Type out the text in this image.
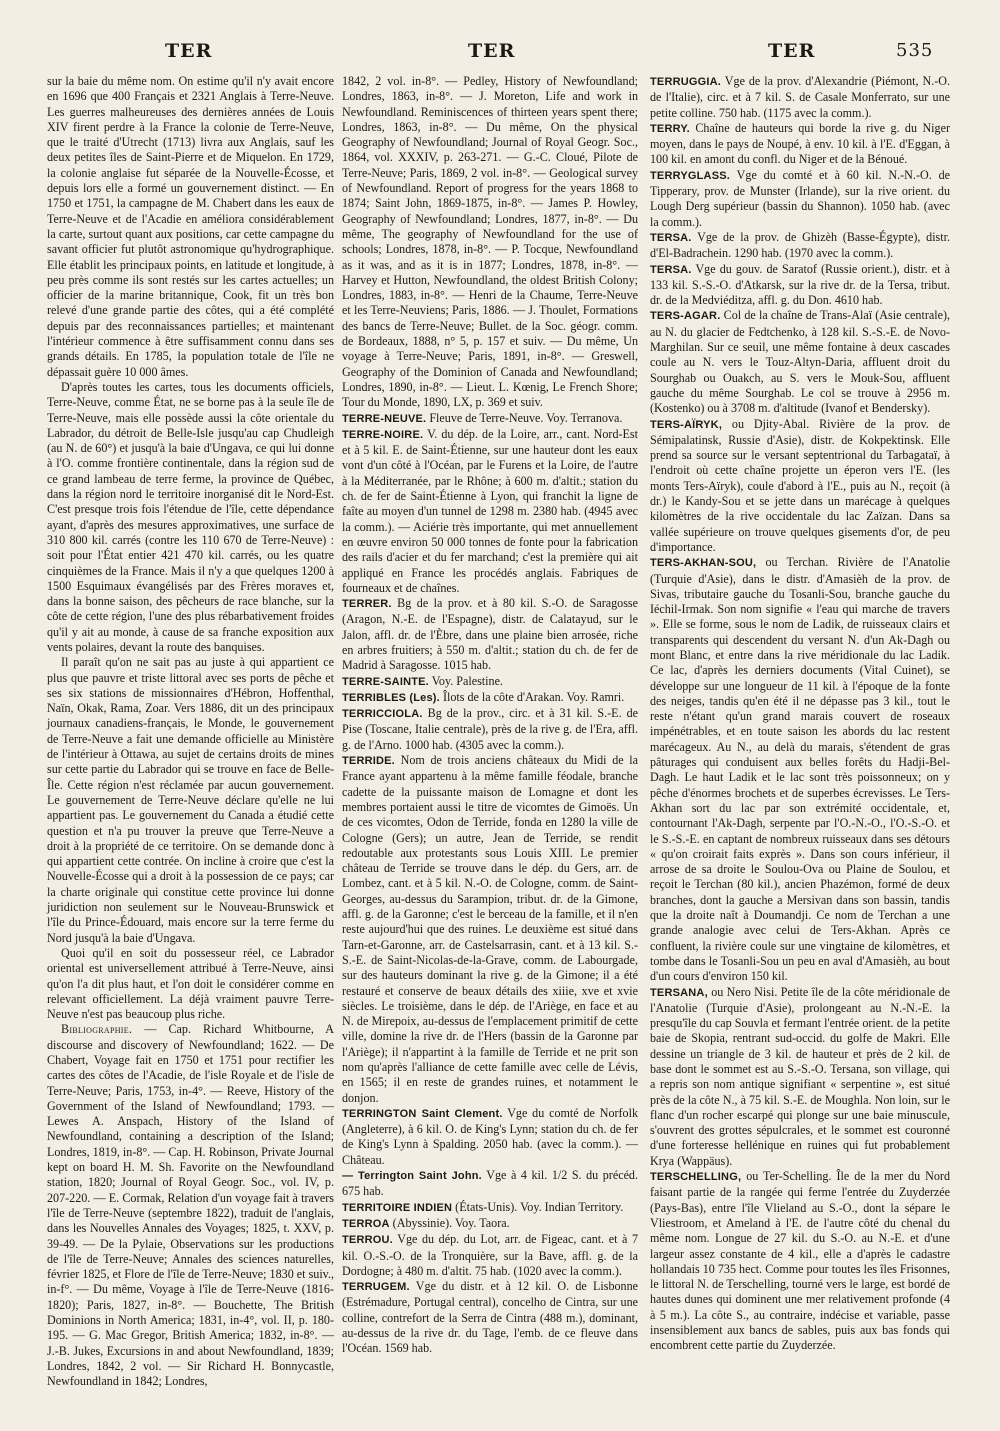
TER	TER	TER	535

sur la baie du même nom. On estime qu'il n'y avait encore en 1696 que 400 Français et 2321 Anglais à Terre-Neuve. Les guerres malheureuses des dernières années de Louis XIV firent perdre à la France la colonie de Terre-Neuve, que le traité d'Utrecht (1713) livra aux Anglais, sauf les deux petites îles de Saint-Pierre et de Miquelon. En 1729, la colonie anglaise fut séparée de la Nouvelle-Écosse, et depuis lors elle a formé un gouvernement distinct. — En 1750 et 1751, la campagne de M. Chabert dans les eaux de Terre-Neuve et de l'Acadie en améliora considérablement la carte, surtout quant aux positions, car cette campagne du savant officier fut plutôt astronomique qu'hydrographique. Elle établit les principaux points, en latitude et longitude, à peu près comme ils sont restés sur les cartes actuelles; un officier de la marine britannique, Cook, fit un très bon relevé d'une grande partie des côtes, qui a été complété depuis par des reconnaissances partielles; et maintenant l'intérieur commence à être suffisamment connu dans ses grands détails. En 1785, la population totale de l'île ne dépassait guère 10 000 âmes.

D'après toutes les cartes, tous les documents officiels, Terre-Neuve, comme État, ne se borne pas à la seule île de Terre-Neuve, mais elle possède aussi la côte orientale du Labrador, du détroit de Belle-Isle jusqu'au cap Chudleigh (au N. de 60°) et jusqu'à la baie d'Ungava, ce qui lui donne à l'O. comme frontière continentale, dans la région sud de ce grand lambeau de terre ferme, la province de Québec, dans la région nord le territoire inorganisé dit le Nord-Est. C'est presque trois fois l'étendue de l'île, cette dépendance ayant, d'après des mesures approximatives, une surface de 310 800 kil. carrés (contre les 110 670 de Terre-Neuve) : soit pour l'État entier 421 470 kil. carrés, ou les quatre cinquièmes de la France. Mais il n'y a que quelques 1200 à 1500 Esquimaux évangélisés par des Frères moraves et, dans la bonne saison, des pêcheurs de race blanche, sur la côte de cette région, l'une des plus rébarbativement froides qu'il y ait au monde, à cause de sa franche exposition aux vents polaires, devant la route des banquises.

Il paraît qu'on ne sait pas au juste à qui appartient ce plus que pauvre et triste littoral avec ses ports de pêche et ses six stations de missionnaires d'Hébron, Hoffenthal, Naïn, Okak, Rama, Zoar. Vers 1886, dit un des principaux journaux canadiens-français, le Monde, le gouvernement de Terre-Neuve a fait une demande officielle au Ministère de l'intérieur à Ottawa, au sujet de certains droits de mines sur cette partie du Labrador qui se trouve en face de Belle-Île. Cette région n'est réclamée par aucun gouvernement. Le gouvernement de Terre-Neuve déclare qu'elle ne lui appartient pas. Le gouvernement du Canada a étudié cette question et n'a pu trouver la preuve que Terre-Neuve a droit à la propriété de ce territoire. On se demande donc à qui appartient cette contrée. On incline à croire que c'est la Nouvelle-Écosse qui a droit à la possession de ce pays; car la charte originale qui constitue cette province lui donne juridiction non seulement sur le Nouveau-Brunswick et l'île du Prince-Édouard, mais encore sur la terre ferme du Nord jusqu'à la baie d'Ungava.

Quoi qu'il en soit du possesseur réel, ce Labrador oriental est universellement attribué à Terre-Neuve, ainsi qu'on l'a dit plus haut, et l'on doit le considérer comme en relevant officiellement. La déjà vraiment pauvre Terre-Neuve n'est pas beaucoup plus riche.

Bibliographie. — Cap. Richard Whitbourne, A discourse and discovery of Newfoundland; 1622. — De Chabert, Voyage fait en 1750 et 1751 pour rectifier les cartes des côtes de l'Acadie, de l'isle Royale et de l'isle de Terre-Neuve; Paris, 1753, in-4°. — Reeve, History of the Government of the Island of Newfoundland; 1793. — Lewes A. Anspach, History of the Island of Newfoundland, containing a description of the Island; Londres, 1819, in-8°. — Cap. H. Robinson, Private Journal kept on board H. M. Sh. Favorite on the Newfoundland station, 1820; Journal of Royal Geogr. Soc., vol. IV, p. 207-220. — E. Cormak, Relation d'un voyage fait à travers l'île de Terre-Neuve (septembre 1822), traduit de l'anglais, dans les Nouvelles Annales des Voyages; 1825, t. XXV, p. 39-49. — De la Pylaie, Observations sur les productions de l'île de Terre-Neuve; Annales des sciences naturelles, février 1825, et Flore de l'île de Terre-Neuve; 1830 et suiv., in-f°. — Du même, Voyage à l'île de Terre-Neuve (1816-1820); Paris, 1827, in-8°. — Bouchette, The British Dominions in North America; 1831, in-4°, vol. II, p. 180-195. — G. Mac Gregor, British America; 1832, in-8°. — J.-B. Jukes, Excursions in and about Newfoundland, 1839; Londres, 1842, 2 vol. — Sir Richard H. Bonnycastle, Newfoundland in 1842; Londres,

1842, 2 vol. in-8°. — Pedley, History of Newfoundland; Londres, 1863, in-8°. — J. Moreton, Life and work in Newfoundland. Reminiscences of thirteen years spent there; Londres, 1863, in-8°. — Du même, On the physical Geography of Newfoundland; Journal of Royal Geogr. Soc., 1864, vol. XXXIV, p. 263-271. — G.-C. Cloué, Pilote de Terre-Neuve; Paris, 1869, 2 vol. in-8°. — Geological survey of Newfoundland. Report of progress for the years 1868 to 1874; Saint John, 1869-1875, in-8°. — James P. Howley, Geography of Newfoundland; Londres, 1877, in-8°. — Du même, The geography of Newfoundland for the use of schools; Londres, 1878, in-8°. — P. Tocque, Newfoundland as it was, and as it is in 1877; Londres, 1878, in-8°. — Harvey et Hutton, Newfoundland, the oldest British Colony; Londres, 1883, in-8°. — Henri de la Chaume, Terre-Neuve et les Terre-Neuviens; Paris, 1886. — J. Thoulet, Formations des bancs de Terre-Neuve; Bullet. de la Soc. géogr. comm. de Bordeaux, 1888, n° 5, p. 157 et suiv. — Du même, Un voyage à Terre-Neuve; Paris, 1891, in-8°. — Greswell, Geography of the Dominion of Canada and Newfoundland; Londres, 1890, in-8°. — Lieut. L. Kœnig, Le French Shore; Tour du Monde, 1890, LX, p. 369 et suiv.

TERRE-NEUVE. Fleuve de Terre-Neuve. Voy. Terranova.

TERRE-NOIRE. V. du dép. de la Loire, arr., cant. Nord-Est et à 5 kil. E. de Saint-Étienne, sur une hauteur dont les eaux vont d'un côté à l'Océan, par le Furens et la Loire, de l'autre à la Méditerranée, par le Rhône; à 600 m. d'altit.; station du ch. de fer de Saint-Étienne à Lyon, qui franchit la ligne de faîte au moyen d'un tunnel de 1298 m. 2380 hab. (4945 avec la comm.). — Aciérie très importante, qui met annuellement en œuvre environ 50 000 tonnes de fonte pour la fabrication des rails d'acier et du fer marchand; c'est la première qui ait appliqué en France les procédés anglais. Fabriques de fourneaux et de chaînes.

TERRER. Bg de la prov. et à 80 kil. S.-O. de Saragosse (Aragon, N.-E. de l'Espagne), distr. de Calatayud, sur le Jalon, affl. dr. de l'Èbre, dans une plaine bien arrosée, riche en arbres fruitiers; à 550 m. d'altit.; station du ch. de fer de Madrid à Saragosse. 1015 hab.

TERRE-SAINTE. Voy. Palestine.

TERRIBLES (Les). Îlots de la côte d'Arakan. Voy. Ramri.

TERRICCIOLA. Bg de la prov., circ. et à 31 kil. S.-E. de Pise (Toscane, Italie centrale), près de la rive g. de l'Era, affl. g. de l'Arno. 1000 hab. (4305 avec la comm.).

TERRIDE. Nom de trois anciens châteaux du Midi de la France ayant appartenu à la même famille féodale, branche cadette de la puissante maison de Lomagne et dont les membres portaient aussi le titre de vicomtes de Gimoës. Un de ces vicomtes, Odon de Terride, fonda en 1280 la ville de Cologne (Gers); un autre, Jean de Terride, se rendit redoutable aux protestants sous Louis XIII. Le premier château de Terride se trouve dans le dép. du Gers, arr. de Lombez, cant. et à 5 kil. N.-O. de Cologne, comm. de Saint-Georges, au-dessus du Sarampion, tribut. dr. de la Gimone, affl. g. de la Garonne; c'est le berceau de la famille, et il n'en reste aujourd'hui que des ruines. Le deuxième est situé dans Tarn-et-Garonne, arr. de Castelsarrasin, cant. et à 13 kil. S.-S.-E. de Saint-Nicolas-de-la-Grave, comm. de Labourgade, sur des hauteurs dominant la rive g. de la Gimone; il a été restauré et conserve de beaux détails des xiiie, xve et xvie siècles. Le troisième, dans le dép. de l'Ariège, en face et au N. de Mirepoix, au-dessus de l'emplacement primitif de cette ville, domine la rive dr. de l'Hers (bassin de la Garonne par l'Ariège); il n'appartint à la famille de Terride et ne prit son nom qu'après l'alliance de cette famille avec celle de Lévis, en 1565; il en reste de grandes ruines, et notamment le donjon.

TERRINGTON Saint Clement. Vge du comté de Norfolk (Angleterre), à 6 kil. O. de King's Lynn; station du ch. de fer de King's Lynn à Spalding. 2050 hab. (avec la comm.). — Château.

— Terrington Saint John. Vge à 4 kil. 1/2 S. du précéd. 675 hab.

TERRITOIRE INDIEN (États-Unis). Voy. Indian Territory.

TERROA (Abyssinie). Voy. Taora.

TERROU. Vge du dép. du Lot, arr. de Figeac, cant. et à 7 kil. O.-S.-O. de la Tronquière, sur la Bave, affl. g. de la Dordogne; à 480 m. d'altit. 75 hab. (1020 avec la comm.).

TERRUGEM. Vge du distr. et à 12 kil. O. de Lisbonne (Estrémadure, Portugal central), concelho de Cintra, sur une colline, contrefort de la Serra de Cintra (488 m.), dominant, au-dessus de la rive dr. du Tage, l'emb. de ce fleuve dans l'Océan. 1569 hab.

TERRUGGIA. Vge de la prov. d'Alexandrie (Piémont, N.-O. de l'Italie), circ. et à 7 kil. S. de Casale Monferrato, sur une petite colline. 750 hab. (1175 avec la comm.).

TERRY. Chaîne de hauteurs qui borde la rive g. du Niger moyen, dans le pays de Noupé, à env. 10 kil. à l'E. d'Eggan, à 100 kil. en amont du confl. du Niger et de la Bénoué.

TERRYGLASS. Vge du comté et à 60 kil. N.-N.-O. de Tipperary, prov. de Munster (Irlande), sur la rive orient. du Lough Derg supérieur (bassin du Shannon). 1050 hab. (avec la comm.).

TERSA. Vge de la prov. de Ghizèh (Basse-Égypte), distr. d'El-Badrachein. 1290 hab. (1970 avec la comm.).

TERSA. Vge du gouv. de Saratof (Russie orient.), distr. et à 133 kil. S.-S.-O. d'Atkarsk, sur la rive dr. de la Tersa, tribut. dr. de la Medviéditza, affl. g. du Don. 4610 hab.

TERS-AGAR. Col de la chaîne de Trans-Alaï (Asie centrale), au N. du glacier de Fedtchenko, à 128 kil. S.-S.-E. de Novo-Marghilan. Sur ce seuil, une même fontaine à deux cascades coule au N. vers le Touz-Altyn-Daria, affluent droit du Sourghab ou Ouakch, au S. vers le Mouk-Sou, affluent gauche du même Sourghab. Le col se trouve à 2956 m. (Kostenko) ou à 3708 m. d'altitude (Ivanof et Bendersky).

TERS-AÏRYK, ou Djity-Abal. Rivière de la prov. de Sémipalatinsk, Russie d'Asie), distr. de Kokpektinsk. Elle prend sa source sur le versant septentrional du Tarbagataï, à l'endroit où cette chaîne projette un éperon vers l'E. (les monts Ters-Aïryk), coule d'abord à l'E., puis au N., reçoit (à dr.) le Kandy-Sou et se jette dans un marécage à quelques kilomètres de la rive occidentale du lac Zaïzan. Dans sa vallée supérieure on trouve quelques gisements d'or, de peu d'importance.

TERS-AKHAN-SOU, ou Terchan. Rivière de l'Anatolie (Turquie d'Asie), dans le distr. d'Amasièh de la prov. de Sivas, tributaire gauche du Tosanli-Sou, branche gauche du Iéchil-Irmak. Son nom signifie « l'eau qui marche de travers ». Elle se forme, sous le nom de Ladik, de ruisseaux clairs et transparents qui descendent du versant N. d'un Ak-Dagh ou mont Blanc, et entre dans la rive méridionale du lac Ladik. Ce lac, d'après les derniers documents (Vital Cuinet), se développe sur une longueur de 11 kil. à l'époque de la fonte des neiges, tandis qu'en été il ne dépasse pas 3 kil., tout le reste n'étant qu'un grand marais couvert de roseaux impénétrables, et en toute saison les abords du lac restent marécageux. Au N., au delà du marais, s'étendent de gras pâturages qui conduisent aux belles forêts du Hadji-Bel-Dagh. Le haut Ladik et le lac sont très poissonneux; on y pêche d'énormes brochets et de superbes écrevisses. Le Ters-Akhan sort du lac par son extrémité occidentale, et, contournant l'Ak-Dagh, serpente par l'O.-N.-O., l'O.-S.-O. et le S.-S.-E. en captant de nombreux ruisseaux dans ses détours « qu'on croirait faits exprès ». Dans son cours inférieur, il arrose de sa droite le Soulou-Ova ou Plaine de Soulou, et reçoit le Terchan (80 kil.), ancien Phazémon, formé de deux branches, dont la gauche a Mersivan dans son bassin, tandis que la droite naît à Doumandji. Ce nom de Terchan a une grande analogie avec celui de Ters-Akhan. Après ce confluent, la rivière coule sur une vingtaine de kilomètres, et tombe dans le Tosanli-Sou un peu en aval d'Amasièh, au bout d'un cours d'environ 150 kil.

TERSANA, ou Nero Nisi. Petite île de la côte méridionale de l'Anatolie (Turquie d'Asie), prolongeant au N.-N.-E. la presqu'île du cap Souvla et fermant l'entrée orient. de la petite baie de Skopia, rentrant sud-occid. du golfe de Makri. Elle dessine un triangle de 3 kil. de hauteur et près de 2 kil. de base dont le sommet est au S.-S.-O. Tersana, son village, qui a repris son nom antique signifiant « serpentine », est situé près de la côte N., à 75 kil. S.-E. de Moughla. Non loin, sur le flanc d'un rocher escarpé qui plonge sur une baie minuscule, s'ouvrent des grottes sépulcrales, et le sommet est couronné d'une forteresse hellénique en ruines qui fut probablement Krya (Wappäus).

TERSCHELLING, ou Ter-Schelling. Île de la mer du Nord faisant partie de la rangée qui ferme l'entrée du Zuyderzée (Pays-Bas), entre l'île Vlieland au S.-O., dont la sépare le Vliestroom, et Ameland à l'E. de l'autre côté du chenal du même nom. Longue de 27 kil. du S.-O. au N.-E. et d'une largeur assez constante de 4 kil., elle a d'après le cadastre hollandais 10 735 hect. Comme pour toutes les îles Frisonnes, le littoral N. de Terschelling, tourné vers le large, est bordé de hautes dunes qui dominent une mer relativement profonde (4 à 5 m.). La côte S., au contraire, indécise et variable, passe insensiblement aux bancs de sables, puis aux bas fonds qui encombrent cette partie du Zuyderzée.
